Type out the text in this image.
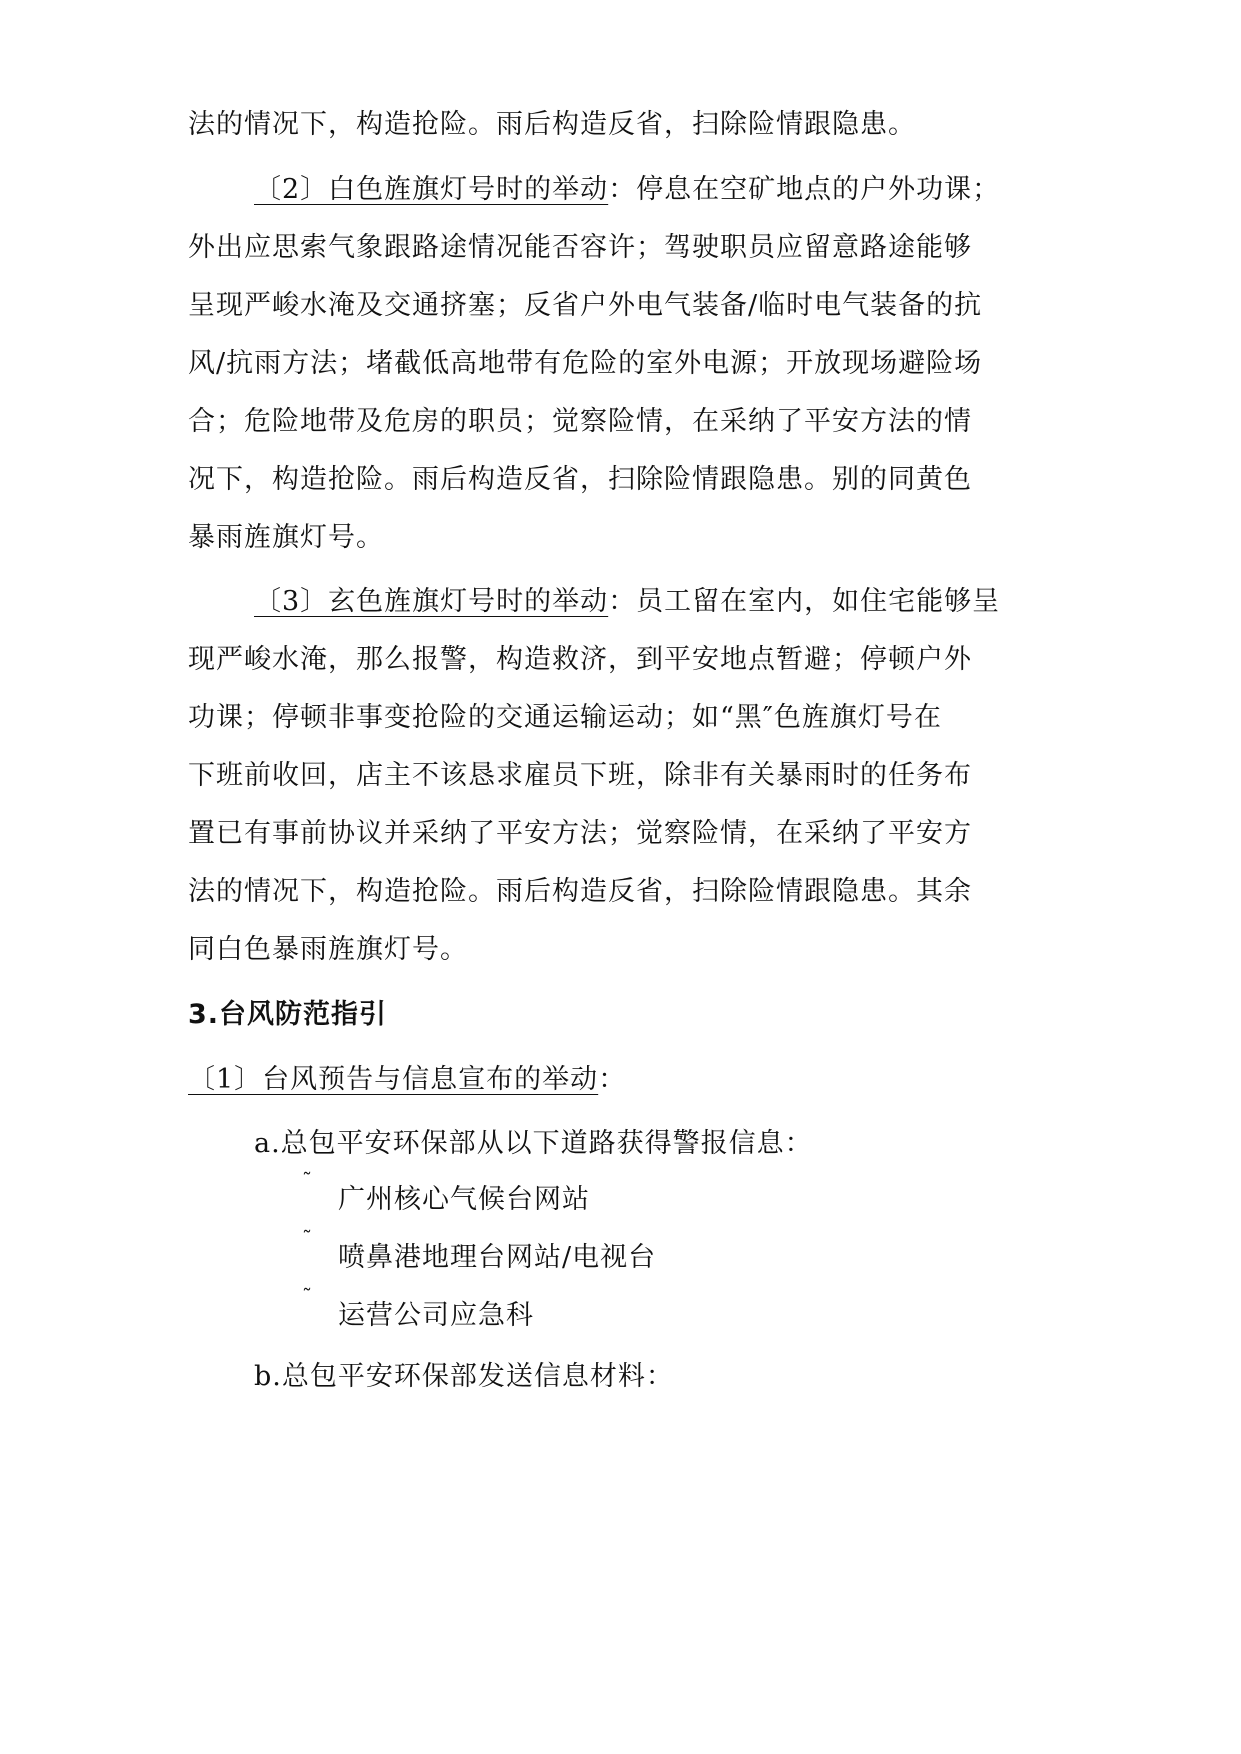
法的情况下，构造抢险。雨后构造反省，扫除险情跟隐患。
〔2〕白色旌旗灯号时的举动：停息在空矿地点的户外功课；
外出应思索气象跟路途情况能否容许；驾驶职员应留意路途能够
呈现严峻水淹及交通挤塞；反省户外电气装备/临时电气装备的抗
风/抗雨方法；堵截低高地带有危险的室外电源；开放现场避险场
合；危险地带及危房的职员；觉察险情，在采纳了平安方法的情
况下，构造抢险。雨后构造反省，扫除险情跟隐患。别的同黄色
暴雨旌旗灯号。
〔3〕玄色旌旗灯号时的举动：员工留在室内，如住宅能够呈
现严峻水淹，那么报警，构造救济，到平安地点暂避；停顿户外
功课；停顿非事变抢险的交通运输运动；如“黑″色旌旗灯号在
下班前收回，店主不该恳求雇员下班，除非有关暴雨时的任务布
置已有事前协议并采纳了平安方法；觉察险情，在采纳了平安方
法的情况下，构造抢险。雨后构造反省，扫除险情跟隐患。其余
同白色暴雨旌旗灯号。
3.台风防范指引
〔1〕台风预告与信息宣布的举动：
a.总包平安环保部从以下道路获得警报信息：
˜
广州核心气候台网站
˜
喷鼻港地理台网站/电视台
˜
运营公司应急科
b.总包平安环保部发送信息材料：
